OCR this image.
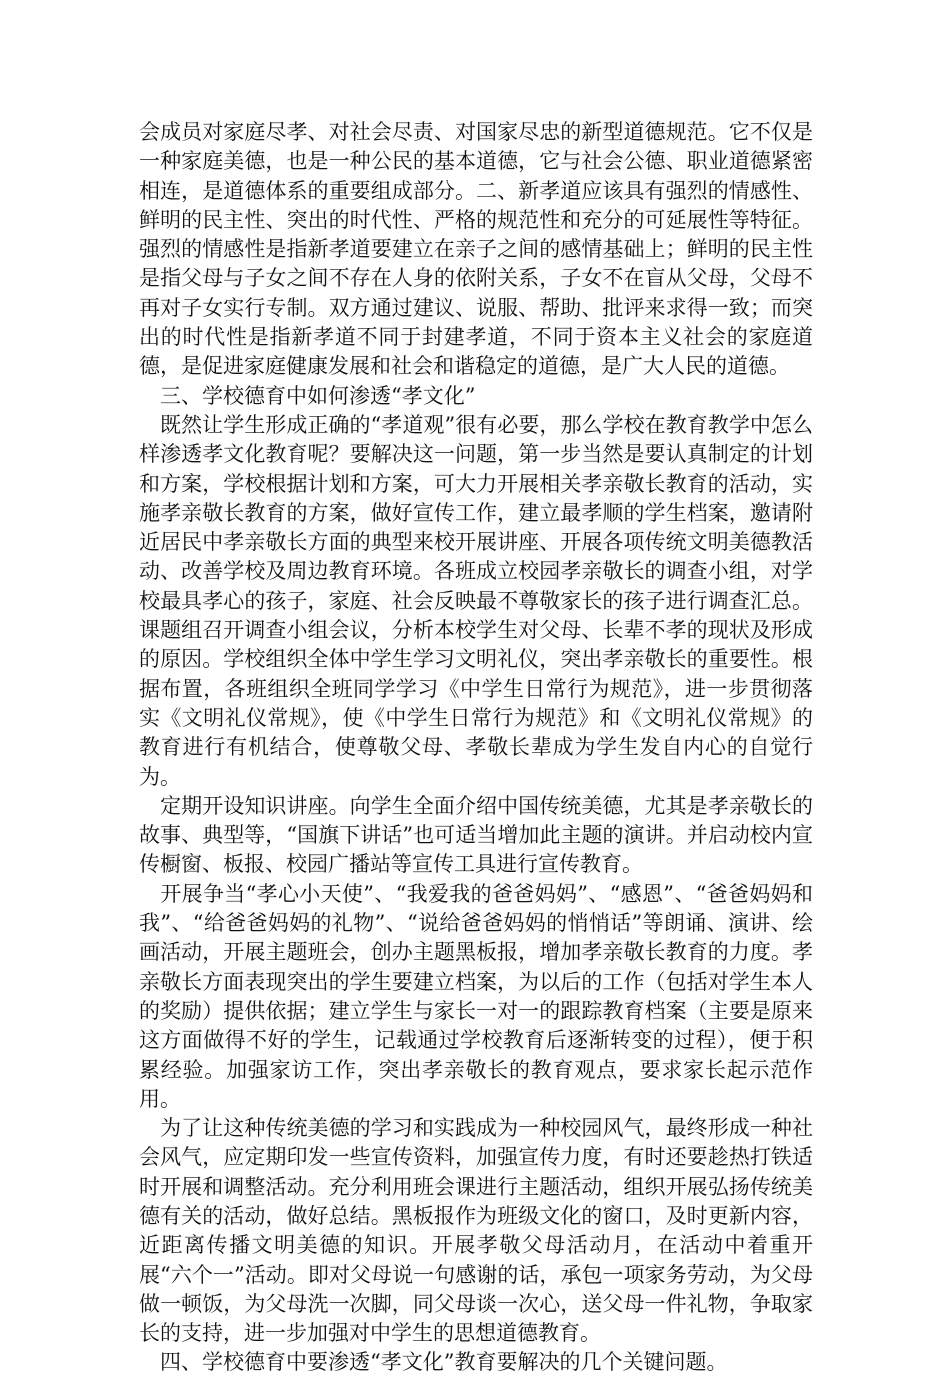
会成员对家庭尽孝、对社会尽责、对国家尽忠的新型道德规范。它不仅是一种家庭美德，也是一种公民的基本道德，它与社会公德、职业道德紧密相连，是道德体系的重要组成部分。二、新孝道应该具有强烈的情感性、鲜明的民主性、突出的时代性、严格的规范性和充分的可延展性等特征。强烈的情感性是指新孝道要建立在亲子之间的感情基础上；鲜明的民主性是指父母与子女之间不存在人身的依附关系，子女不在盲从父母，父母不再对子女实行专制。双方通过建议、说服、帮助、批评来求得一致；而突出的时代性是指新孝道不同于封建孝道，不同于资本主义社会的家庭道德，是促进家庭健康发展和社会和谐稳定的道德，是广大人民的道德。

　三、学校德育中如何渗透“孝文化”

　既然让学生形成正确的“孝道观”很有必要，那么学校在教育教学中怎么样渗透孝文化教育呢？要解决这一问题，第一步当然是要认真制定的计划和方案，学校根据计划和方案，可大力开展相关孝亲敬长教育的活动，实施孝亲敬长教育的方案，做好宣传工作，建立最孝顺的学生档案，邀请附近居民中孝亲敬长方面的典型来校开展讲座、开展各项传统文明美德教活动、改善学校及周边教育环境。各班成立校园孝亲敬长的调查小组，对学校最具孝心的孩子，家庭、社会反映最不尊敬家长的孩子进行调查汇总。课题组召开调查小组会议，分析本校学生对父母、长辈不孝的现状及形成的原因。学校组织全体中学生学习文明礼仪，突出孝亲敬长的重要性。根据布置，各班组织全班同学学习《中学生日常行为规范》，进一步贯彻落实《文明礼仪常规》，使《中学生日常行为规范》和《文明礼仪常规》的教育进行有机结合，使尊敬父母、孝敬长辈成为学生发自内心的自觉行为。

　定期开设知识讲座。向学生全面介绍中国传统美德，尤其是孝亲敬长的故事、典型等，“国旗下讲话”也可适当增加此主题的演讲。并启动校内宣传橱窗、板报、校园广播站等宣传工具进行宣传教育。

　开展争当“孝心小天使”、“我爱我的爸爸妈妈”、“感恩”、“爸爸妈妈和我”、“给爸爸妈妈的礼物”、“说给爸爸妈妈的悄悄话”等朗诵、演讲、绘画活动，开展主题班会，创办主题黑板报，增加孝亲敬长教育的力度。孝亲敬长方面表现突出的学生要建立档案，为以后的工作（包括对学生本人的奖励）提供依据；建立学生与家长一对一的跟踪教育档案（主要是原来这方面做得不好的学生，记载通过学校教育后逐渐转变的过程），便于积累经验。加强家访工作，突出孝亲敬长的教育观点，要求家长起示范作用。

　为了让这种传统美德的学习和实践成为一种校园风气，最终形成一种社会风气，应定期印发一些宣传资料，加强宣传力度，有时还要趁热打铁适时开展和调整活动。充分利用班会课进行主题活动，组织开展弘扬传统美德有关的活动，做好总结。黑板报作为班级文化的窗口，及时更新内容，近距离传播文明美德的知识。开展孝敬父母活动月，在活动中着重开展“六个一”活动。即对父母说一句感谢的话，承包一项家务劳动，为父母做一顿饭，为父母洗一次脚，同父母谈一次心，送父母一件礼物，争取家长的支持，进一步加强对中学生的思想道德教育。

　四、学校德育中要渗透“孝文化”教育要解决的几个关键问题。
